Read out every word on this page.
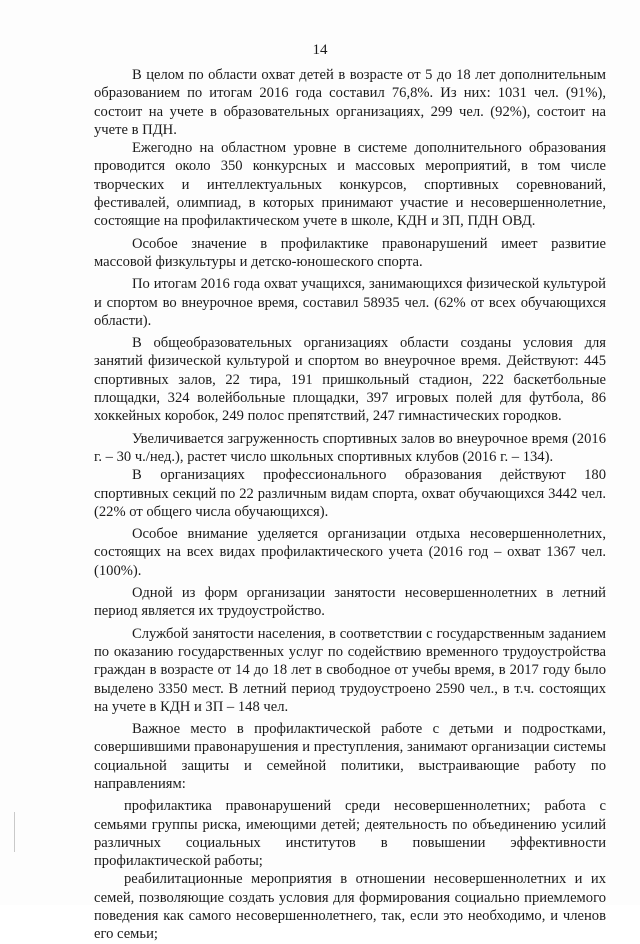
14

В целом по области охват детей в возрасте от 5 до 18 лет дополнительным образованием по итогам 2016 года составил 76,8%. Из них: 1031 чел. (91%), состоит на учете в образовательных организациях, 299 чел. (92%), состоит на учете в ПДН.

Ежегодно на областном уровне в системе дополнительного образования проводится около 350 конкурсных и массовых мероприятий, в том числе творческих и интеллектуальных конкурсов, спортивных соревнований, фестивалей, олимпиад, в которых принимают участие и несовершеннолетние, состоящие на профилактическом учете в школе, КДН и ЗП, ПДН ОВД.

Особое значение в профилактике правонарушений имеет развитие массовой физкультуры и детско-юношеского спорта.

По итогам 2016 года охват учащихся, занимающихся физической культурой и спортом во внеурочное время, составил 58935 чел. (62% от всех обучающихся области).

В общеобразовательных организациях области созданы условия для занятий физической культурой и спортом во внеурочное время. Действуют: 445 спортивных залов, 22 тира, 191 пришкольный стадион, 222 баскетбольные площадки, 324 волейбольные площадки, 397 игровых полей для футбола, 86 хоккейных коробок, 249 полос препятствий, 247 гимнастических городков.

Увеличивается загруженность спортивных залов во внеурочное время (2016 г. – 30 ч./нед.), растет число школьных спортивных клубов (2016 г. – 134).

В организациях профессионального образования действуют 180 спортивных секций по 22 различным видам спорта, охват обучающихся 3442 чел. (22% от общего числа обучающихся).

Особое внимание уделяется организации отдыха несовершеннолетних, состоящих на всех видах профилактического учета (2016 год – охват 1367 чел. (100%).

Одной из форм организации занятости несовершеннолетних в летний период является их трудоустройство.

Службой занятости населения, в соответствии с государственным заданием по оказанию государственных услуг по содействию временного трудоустройства граждан в возрасте от 14 до 18 лет в свободное от учебы время, в 2017 году было выделено 3350 мест. В летний период трудоустроено 2590 чел., в т.ч. состоящих на учете в КДН и ЗП – 148 чел.

Важное место в профилактической работе с детьми и подростками, совершившими правонарушения и преступления, занимают организации системы социальной защиты и семейной политики, выстраивающие работу по направлениям:

профилактика правонарушений среди несовершеннолетних; работа с семьями группы риска, имеющими детей; деятельность по объединению усилий различных социальных институтов в повышении эффективности профилактической работы;

реабилитационные мероприятия в отношении несовершеннолетних и их семей, позволяющие создать условия для формирования социально приемлемого поведения как самого несовершеннолетнего, так, если это необходимо, и членов его семьи;
